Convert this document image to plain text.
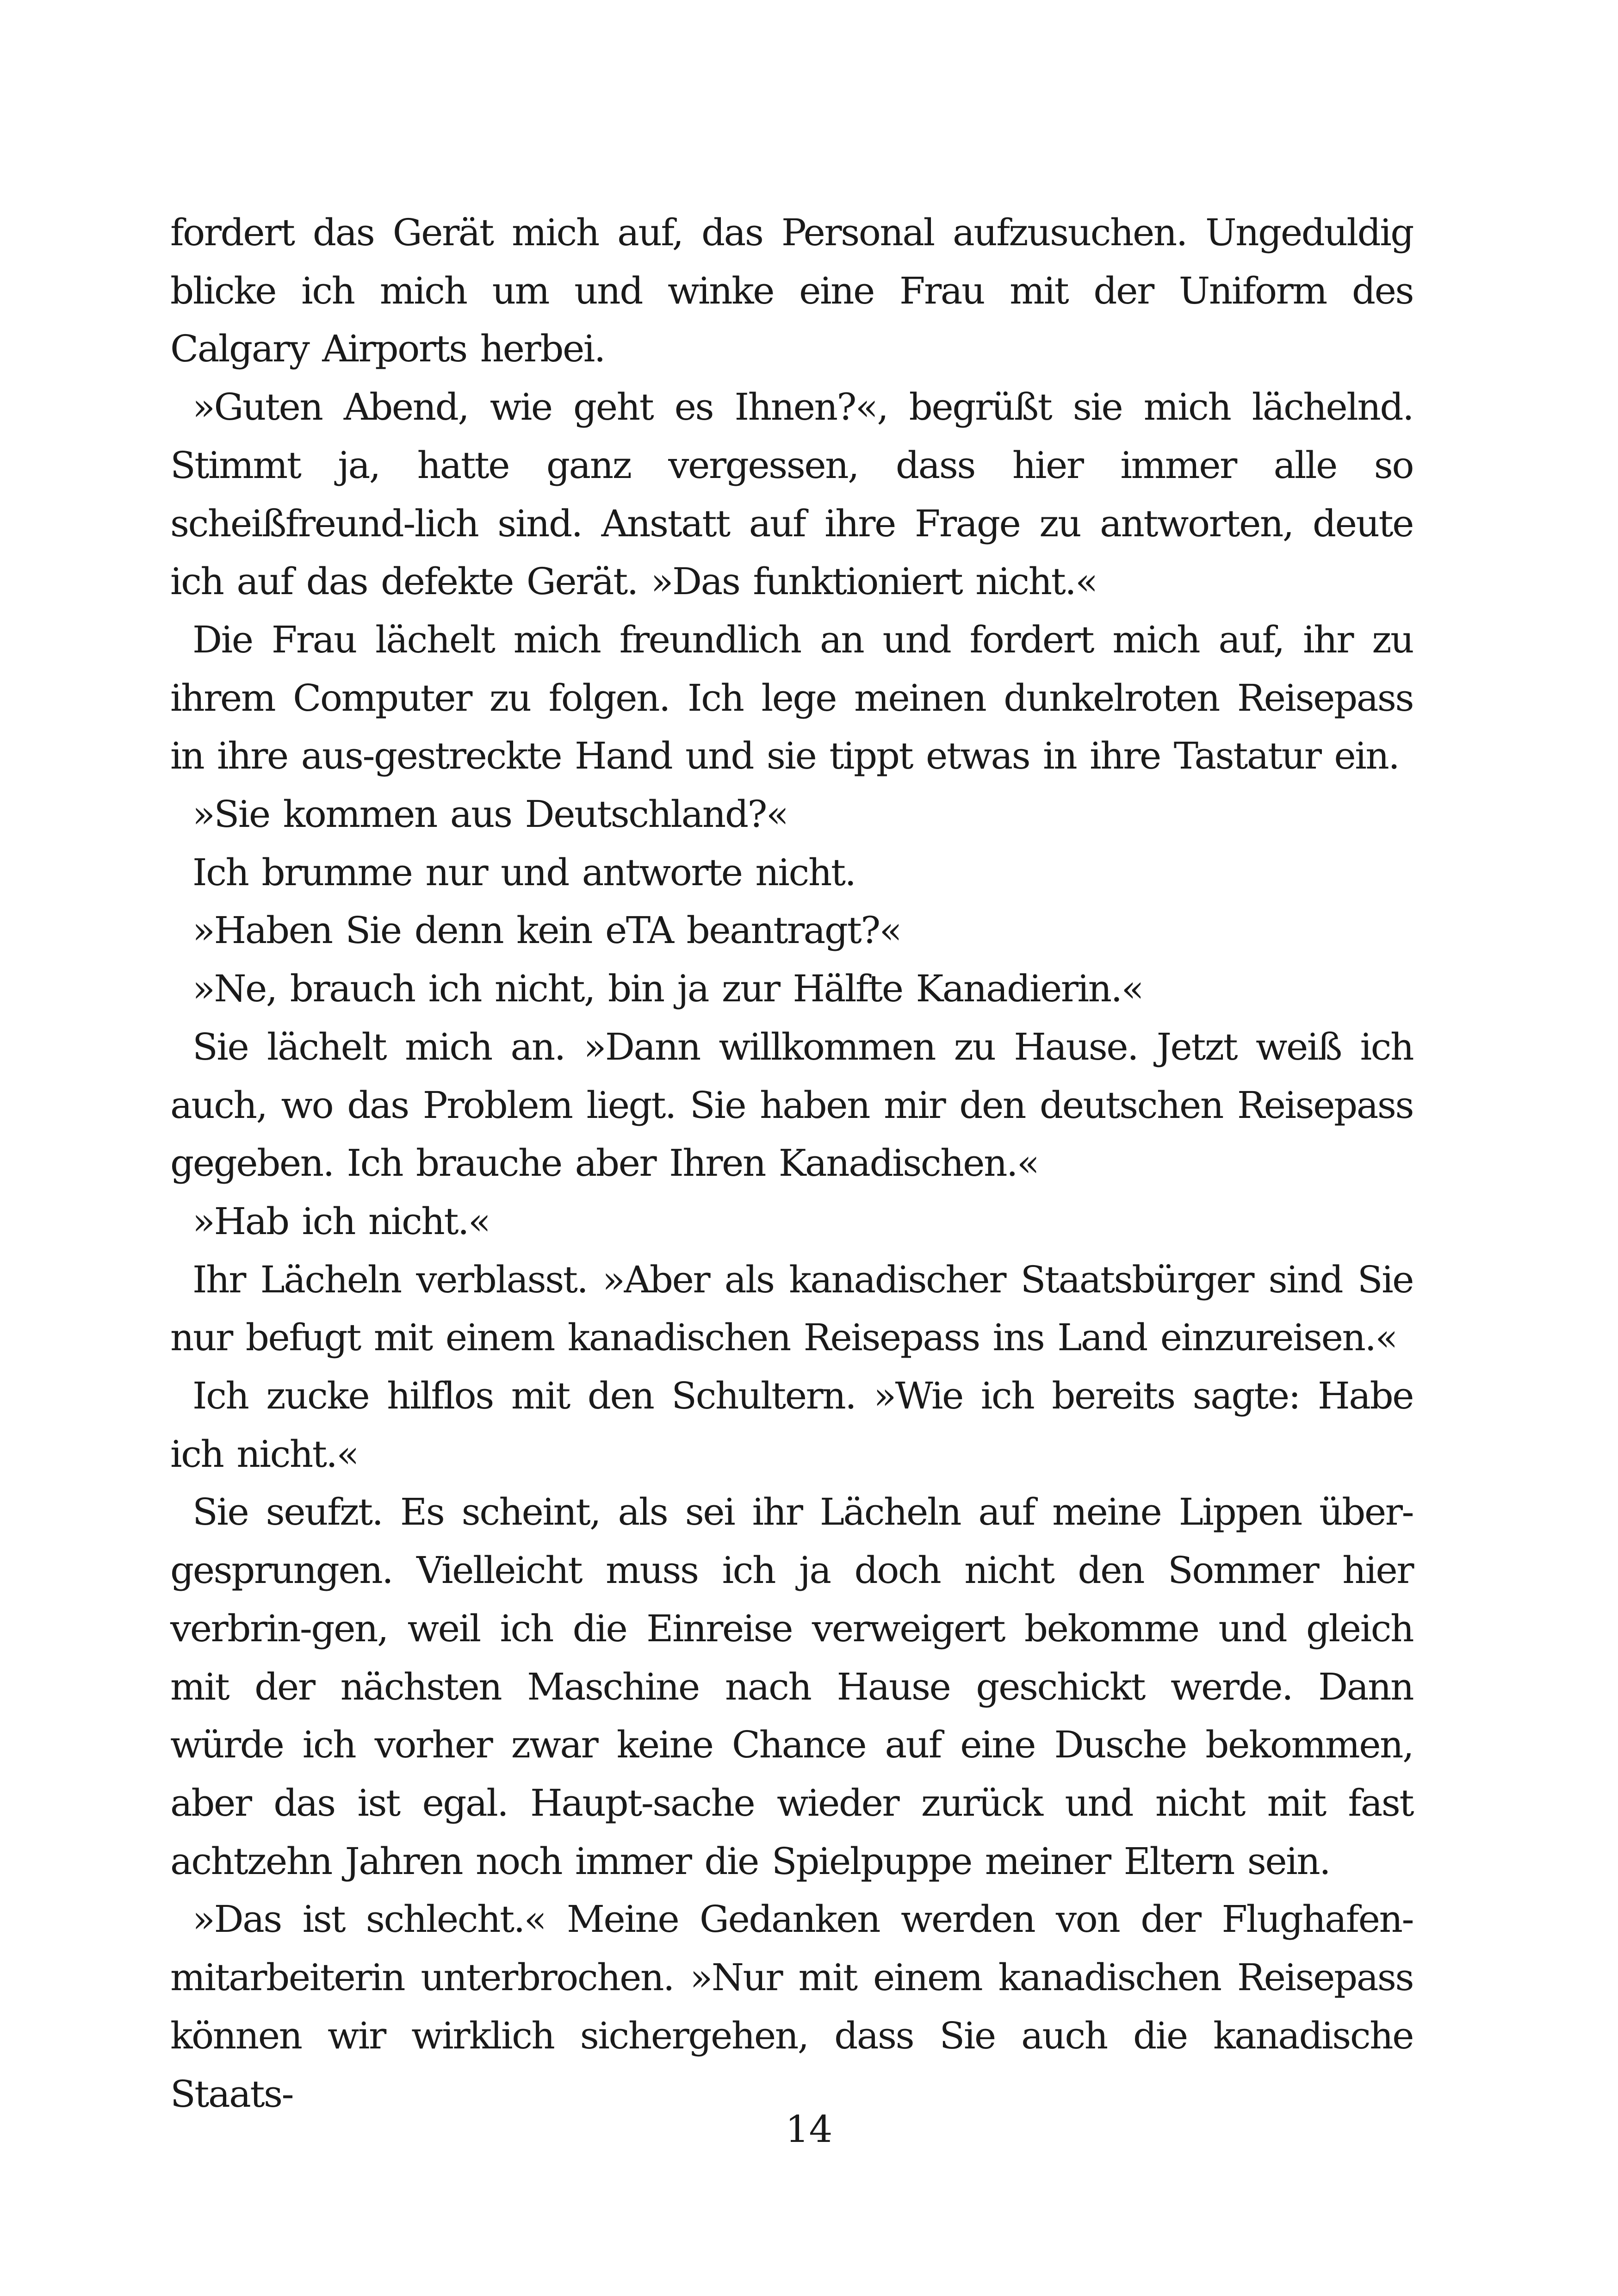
fordert das Gerät mich auf, das Personal aufzusuchen. Ungeduldig blicke ich mich um und winke eine Frau mit der Uniform des Calgary Airports herbei.

»Guten Abend, wie geht es Ihnen?«, begrüßt sie mich lächelnd. Stimmt ja, hatte ganz vergessen, dass hier immer alle so scheißfreund-lich sind. Anstatt auf ihre Frage zu antworten, deute ich auf das defekte Gerät. »Das funktioniert nicht.«

Die Frau lächelt mich freundlich an und fordert mich auf, ihr zu ihrem Computer zu folgen. Ich lege meinen dunkelroten Reisepass in ihre aus-gestreckte Hand und sie tippt etwas in ihre Tastatur ein.

»Sie kommen aus Deutschland?«

Ich brumme nur und antworte nicht.

»Haben Sie denn kein eTA beantragt?«

»Ne, brauch ich nicht, bin ja zur Hälfte Kanadierin.«

Sie lächelt mich an. »Dann willkommen zu Hause. Jetzt weiß ich auch, wo das Problem liegt. Sie haben mir den deutschen Reisepass gegeben. Ich brauche aber Ihren Kanadischen.«

»Hab ich nicht.«

Ihr Lächeln verblasst. »Aber als kanadischer Staatsbürger sind Sie nur befugt mit einem kanadischen Reisepass ins Land einzureisen.«

Ich zucke hilflos mit den Schultern. »Wie ich bereits sagte: Habe ich nicht.«

Sie seufzt. Es scheint, als sei ihr Lächeln auf meine Lippen über-gesprungen. Vielleicht muss ich ja doch nicht den Sommer hier verbrin-gen, weil ich die Einreise verweigert bekomme und gleich mit der nächsten Maschine nach Hause geschickt werde. Dann würde ich vorher zwar keine Chance auf eine Dusche bekommen, aber das ist egal. Haupt-sache wieder zurück und nicht mit fast achtzehn Jahren noch immer die Spielpuppe meiner Eltern sein.

»Das ist schlecht.« Meine Gedanken werden von der Flughafen-mitarbeiterin unterbrochen. »Nur mit einem kanadischen Reisepass können wir wirklich sichergehen, dass Sie auch die kanadische Staats-

14
